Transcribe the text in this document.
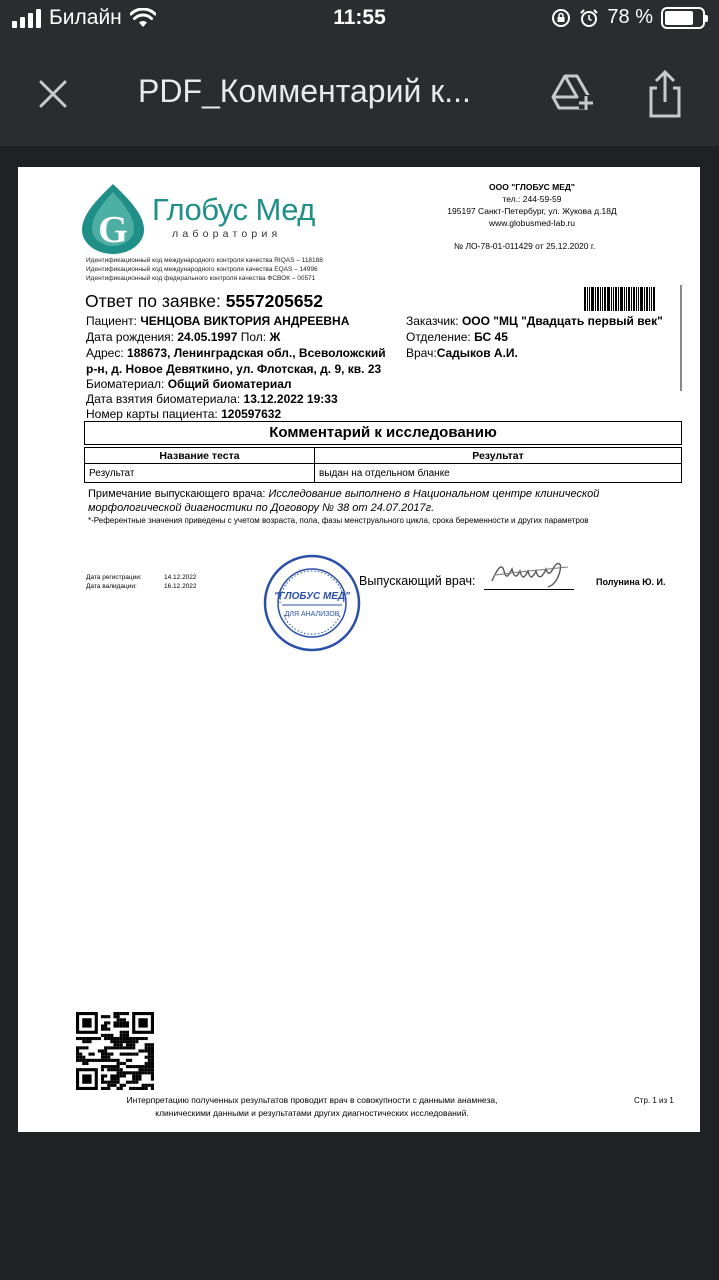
Билайн	11:55	78 %
PDF_Комментарий к...
G Глобус Мед
лаборатория
Идентификационный код международного контроля качества RIQAS – 118188
Идентификационный код международного контроля качества EQAS – 14996
Идентификационный код федерального контроля качества ФСВОК – 00571
ООО "ГЛОБУС МЕД"
тел.: 244-59-59
195197 Санкт-Петербург, ул. Жукова д.18Д
www.globusmed-lab.ru
№ ЛО-78-01-011429 от 25.12.2020 г.
Ответ по заявке: 5557205652
Пациент: ЧЕНЦОВА ВИКТОРИЯ АНДРЕЕВНА
Дата рождения: 24.05.1997 Пол: Ж
Адрес: 188673, Ленинградская обл., Всеволожский
р-н, д. Новое Девяткино, ул. Флотская, д. 9, кв. 23
Биоматериал: Общий биоматериал
Дата взятия биоматериала: 13.12.2022 19:33
Номер карты пациента: 120597632
Заказчик: ООО "МЦ "Двадцать первый век"
Отделение: БС 45
Врач:Садыков А.И.
Комментарий к исследованию
Название теста	Результат
Результат	выдан на отдельном бланке
Примечание выпускающего врача: Исследование выполнено в Национальном центре клинической
морфологической диагностики по Договору № 38 от 24.07.2017г.
*-Референтные значения приведены с учетом возраста, пола, фазы менструального цикла, срока беременности и других параметров
Дата регистрации:	14.12.2022
Дата валидации:	16.12.2022
"ГЛОБУС МЕД"
ДЛЯ АНАЛИЗОВ
Выпускающий врач:	Полунина Ю. И.
Интерпретацию полученных результатов проводит врач в совокупности с данными анамнеза,
клиническими данными и результатами других диагностических исследований.
Стр. 1 из 1
